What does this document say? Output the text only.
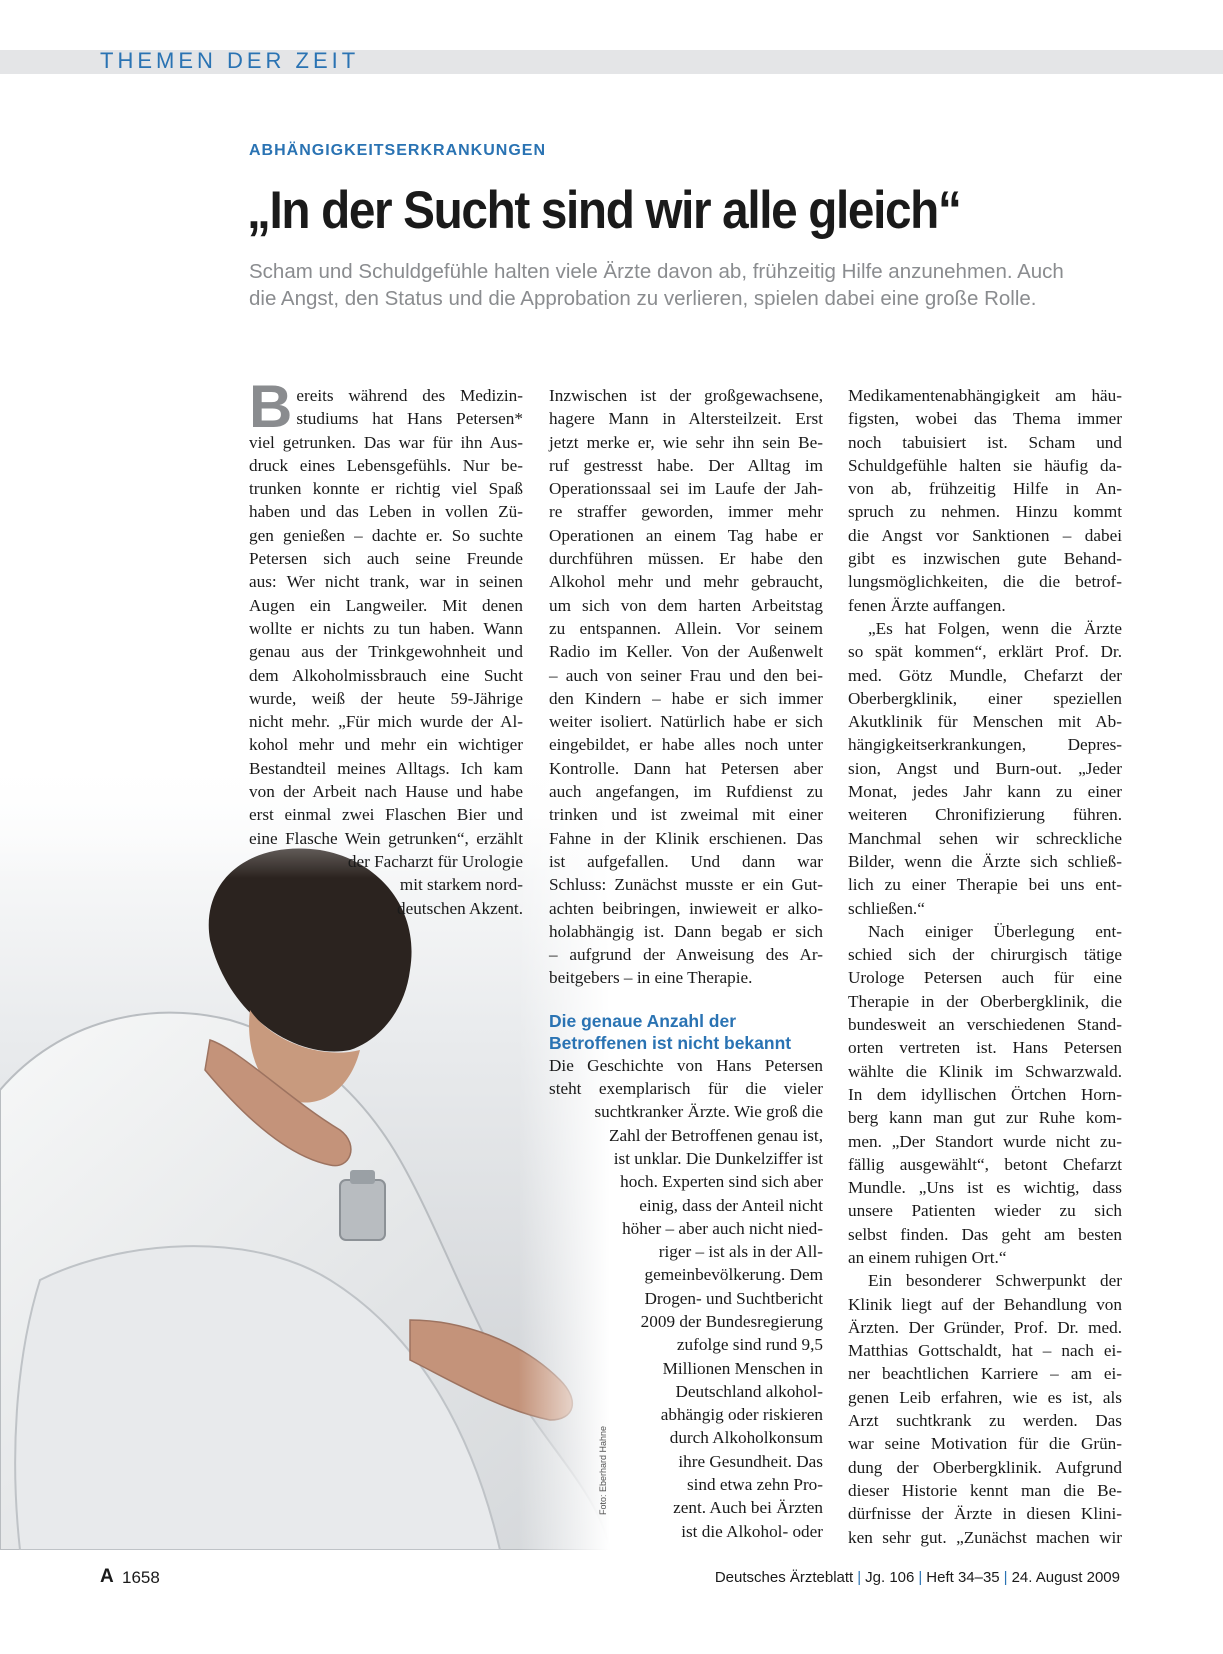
THEMEN DER ZEIT
ABHÄNGIGKEITSERKRANKUNGEN
„In der Sucht sind wir alle gleich“

Scham und Schuldgefühle halten viele Ärzte davon ab, frühzeitig Hilfe anzunehmen. Auch die Angst, den Status und die Approbation zu verlieren, spielen dabei eine große Rolle.

Foto: Eberhard Hahne
B ereits während des Medizin-
studiums hat Hans Petersen*
viel getrunken. Das war für ihn Aus-
druck eines Lebensgefühls. Nur be-
trunken konnte er richtig viel Spaß
haben und das Leben in vollen Zü-
gen genießen – dachte er. So suchte
Petersen sich auch seine Freunde
aus: Wer nicht trank, war in seinen
Augen ein Langweiler. Mit denen
wollte er nichts zu tun haben. Wann
genau aus der Trinkgewohnheit und
dem Alkoholmissbrauch eine Sucht
wurde, weiß der heute 59-Jährige
nicht mehr. „Für mich wurde der Al-
kohol mehr und mehr ein wichtiger
Bestandteil meines Alltags. Ich kam
von der Arbeit nach Hause und habe
erst einmal zwei Flaschen Bier und
eine Flasche Wein getrunken“, erzählt
der Facharzt für Urologie
mit starkem nord-
deutschen Akzent.
Inzwischen ist der großgewachsene,
hagere Mann in Altersteilzeit. Erst
jetzt merke er, wie sehr ihn sein Be-
ruf gestresst habe. Der Alltag im
Operationssaal sei im Laufe der Jah-
re straffer geworden, immer mehr
Operationen an einem Tag habe er
durchführen müssen. Er habe den
Alkohol mehr und mehr gebraucht,
um sich von dem harten Arbeitstag
zu entspannen. Allein. Vor seinem
Radio im Keller. Von der Außenwelt
– auch von seiner Frau und den bei-
den Kindern – habe er sich immer
weiter isoliert. Natürlich habe er sich
eingebildet, er habe alles noch unter
Kontrolle. Dann hat Petersen aber
auch angefangen, im Rufdienst zu
trinken und ist zweimal mit einer
Fahne in der Klinik erschienen. Das
ist aufgefallen. Und dann war
Schluss: Zunächst musste er ein Gut-
achten beibringen, inwieweit er alko-
holabhängig ist. Dann begab er sich
– aufgrund der Anweisung des Ar-
beitgebers – in eine Therapie.
Die genaue Anzahl der
Betroffenen ist nicht bekannt
Die Geschichte von Hans Petersen
steht exemplarisch für die vieler
suchtkranker Ärzte. Wie groß die
Zahl der Betroffenen genau ist,
ist unklar. Die Dunkelziffer ist
hoch. Experten sind sich aber
einig, dass der Anteil nicht
höher – aber auch nicht nied-
riger – ist als in der All-
gemeinbevölkerung. Dem
Drogen- und Suchtbericht
2009 der Bundesregierung
zufolge sind rund 9,5
Millionen Menschen in
Deutschland alkohol-
abhängig oder riskieren
durch Alkoholkonsum
ihre Gesundheit. Das
sind etwa zehn Pro-
zent. Auch bei Ärzten
ist die Alkohol- oder
Medikamentenabhängigkeit am häu-
figsten, wobei das Thema immer
noch tabuisiert ist. Scham und
Schuldgefühle halten sie häufig da-
von ab, frühzeitig Hilfe in An-
spruch zu nehmen. Hinzu kommt
die Angst vor Sanktionen – dabei
gibt es inzwischen gute Behand-
lungsmöglichkeiten, die die betrof-
fenen Ärzte auffangen.
„Es hat Folgen, wenn die Ärzte
so spät kommen“, erklärt Prof. Dr.
med. Götz Mundle, Chefarzt der
Oberbergklinik, einer speziellen
Akutklinik für Menschen mit Ab-
hängigkeitserkrankungen, Depres-
sion, Angst und Burn-out. „Jeder
Monat, jedes Jahr kann zu einer
weiteren Chronifizierung führen.
Manchmal sehen wir schreckliche
Bilder, wenn die Ärzte sich schließ-
lich zu einer Therapie bei uns ent-
schließen.“
Nach einiger Überlegung ent-
schied sich der chirurgisch tätige
Urologe Petersen auch für eine
Therapie in der Oberbergklinik, die
bundesweit an verschiedenen Stand-
orten vertreten ist. Hans Petersen
wählte die Klinik im Schwarzwald.
In dem idyllischen Örtchen Horn-
berg kann man gut zur Ruhe kom-
men. „Der Standort wurde nicht zu-
fällig ausgewählt“, betont Chefarzt
Mundle. „Uns ist es wichtig, dass
unsere Patienten wieder zu sich
selbst finden. Das geht am besten
an einem ruhigen Ort.“
Ein besonderer Schwerpunkt der
Klinik liegt auf der Behandlung von
Ärzten. Der Gründer, Prof. Dr. med.
Matthias Gottschaldt, hat – nach ei-
ner beachtlichen Karriere – am ei-
genen Leib erfahren, wie es ist, als
Arzt suchtkrank zu werden. Das
war seine Motivation für die Grün-
dung der Oberbergklinik. Aufgrund
dieser Historie kennt man die Be-
dürfnisse der Ärzte in diesen Klini-
ken sehr gut. „Zunächst machen wir
A 1658	Deutsches Ärzteblatt | Jg. 106 | Heft 34–35 | 24. August 2009
